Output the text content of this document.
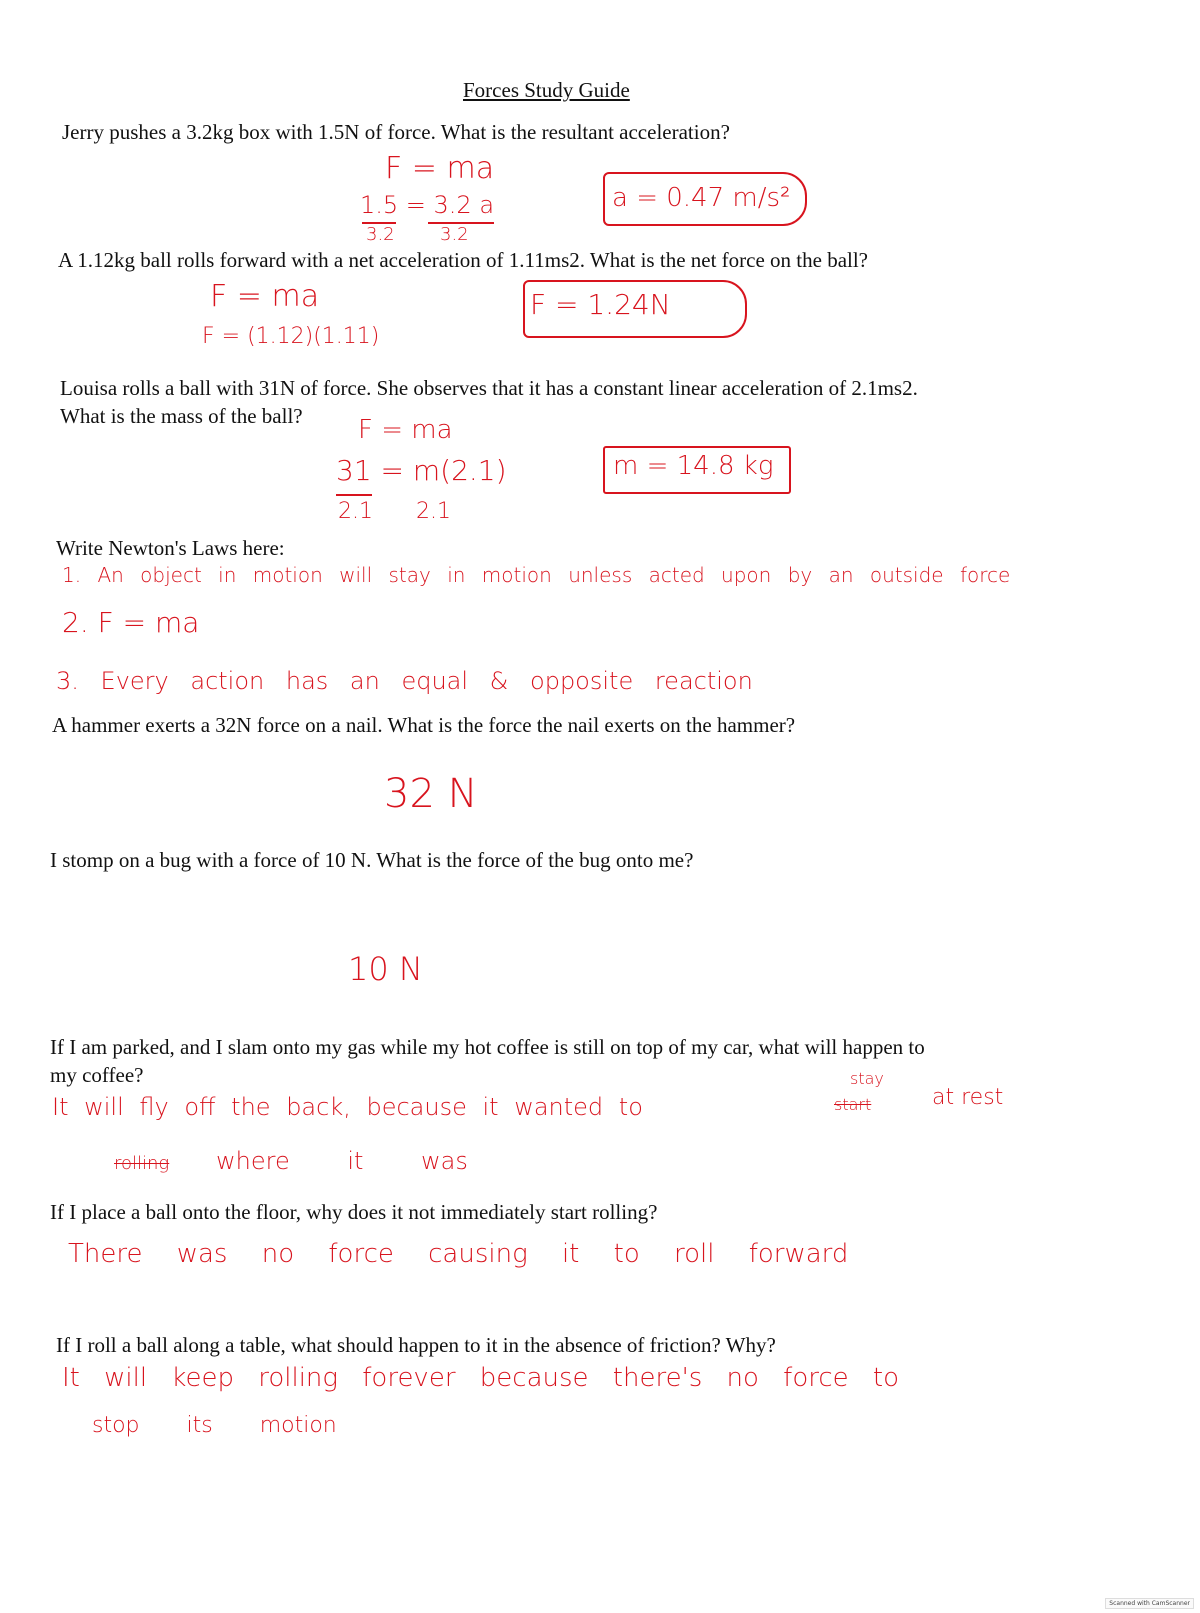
Forces Study Guide
Jerry pushes a 3.2kg box with 1.5N of force. What is the resultant acceleration?
F = ma
1.5 = 3.2 a
3.2	3.2
a = 0.47 m/s²
A 1.12kg ball rolls forward with a net acceleration of 1.11ms2. What is the net force on the ball?
F = ma
F = (1.12)(1.11)
F = 1.24N
Louisa rolls a ball with 31N of force. She observes that it has a constant linear acceleration of 2.1ms2.
What is the mass of the ball? F = ma
31 = m(2.1)
2.1 2.1
m = 14.8 kg
Write Newton's Laws here:
1. An object in motion will stay in motion unless acted upon by an outside force
2. F = ma
3. Every action has an equal & opposite reaction
A hammer exerts a 32N force on a nail. What is the force the nail exerts on the hammer?
32 N
I stomp on a bug with a force of 10 N. What is the force of the bug onto me?
10 N
If I am parked, and I slam onto my gas while my hot coffee is still on top of my car, what will happen to
my coffee?
It will fly off the back, because it wanted to	start
stay
at rest
rolling where it was
If I place a ball onto the floor, why does it not immediately start rolling?
There was no force causing it to roll forward
If I roll a ball along a table, what should happen to it in the absence of friction? Why?
It will keep rolling forever because there's no force to
stop its motion
Scanned with CamScanner
